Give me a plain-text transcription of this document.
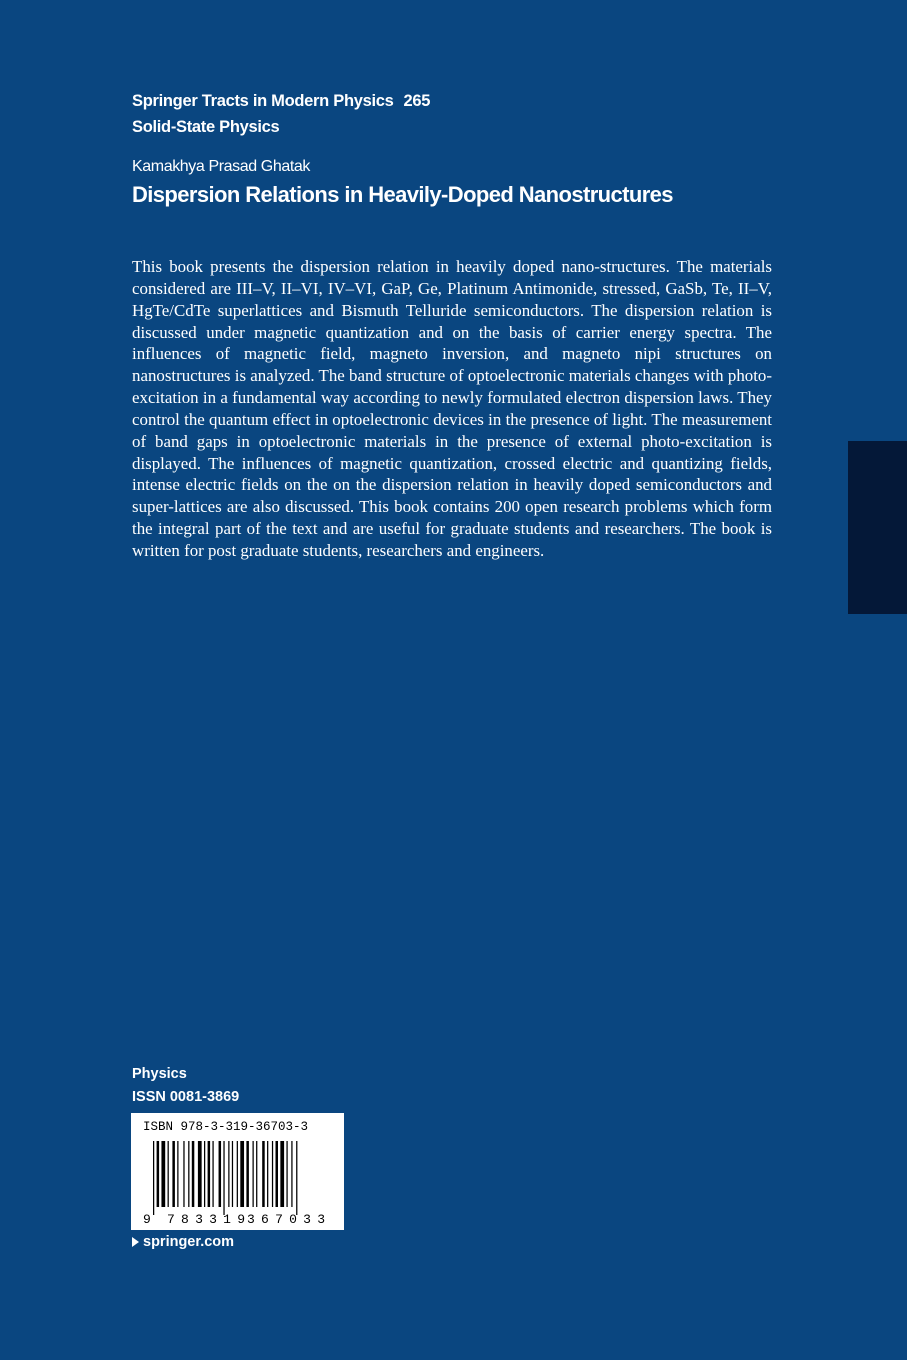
Springer Tracts in Modern Physics 265
Solid-State Physics
Kamakhya Prasad Ghatak
Dispersion Relations in Heavily-Doped Nanostructures

This book presents the dispersion relation in heavily doped nano-structures. The materials considered are III–V, II–VI, IV–VI, GaP, Ge, Platinum Antimonide, stressed, GaSb, Te, II–V, HgTe/CdTe superlattices and Bismuth Telluride semiconductors. The dispersion relation is discussed under magnetic quantization and on the basis of carrier energy spectra. The influences of magnetic field, magneto inversion, and magneto nipi structures on nanostructures is analyzed. The band structure of optoelectronic materials changes with photo-excitation in a fundamental way according to newly formulated electron dispersion laws. They control the quantum effect in optoelectronic devices in the presence of light. The measurement of band gaps in optoelectronic materials in the presence of external photo-excitation is displayed. The influences of magnetic quantization, crossed electric and quantizing fields, intense electric fields on the on the dispersion relation in heavily doped semiconductors and super-lattices are also discussed. This book contains 200 open research problems which form the integral part of the text and are useful for graduate students and researchers. The book is written for post graduate students, researchers and engineers.

Physics
ISSN 0081-3869
ISBN 978-3-319-36703-3
9 783319 367033
springer.com
